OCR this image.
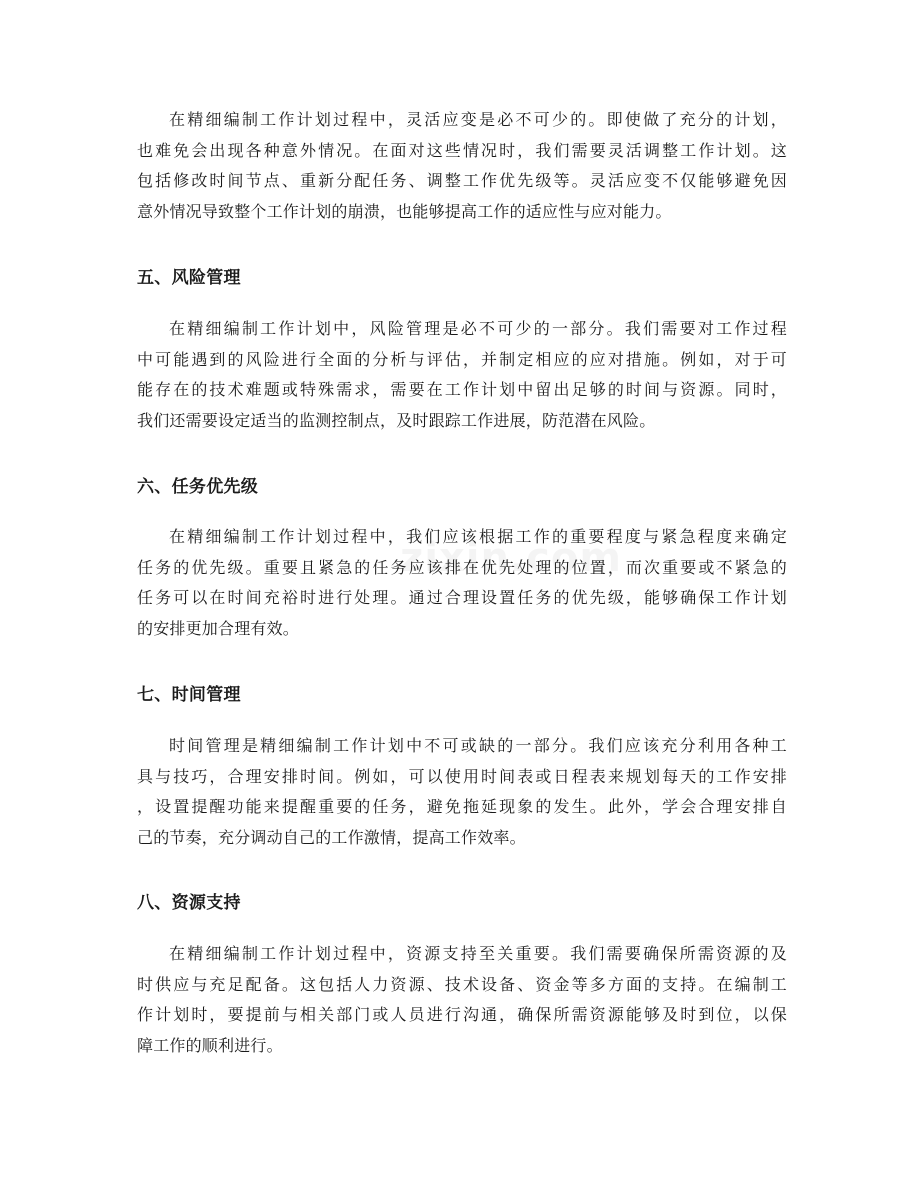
在精细编制工作计划过程中，灵活应变是必不可少的。即使做了充分的计划，
也难免会出现各种意外情况。在面对这些情况时，我们需要灵活调整工作计划。这
包括修改时间节点、重新分配任务、调整工作优先级等。灵活应变不仅能够避免因
意外情况导致整个工作计划的崩溃，也能够提高工作的适应性与应对能力。

五、风险管理

在精细编制工作计划中，风险管理是必不可少的一部分。我们需要对工作过程
中可能遇到的风险进行全面的分析与评估，并制定相应的应对措施。例如，对于可
能存在的技术难题或特殊需求，需要在工作计划中留出足够的时间与资源。同时，
我们还需要设定适当的监测控制点，及时跟踪工作进展，防范潜在风险。

六、任务优先级

在精细编制工作计划过程中，我们应该根据工作的重要程度与紧急程度来确定
任务的优先级。重要且紧急的任务应该排在优先处理的位置，而次重要或不紧急的
任务可以在时间充裕时进行处理。通过合理设置任务的优先级，能够确保工作计划
的安排更加合理有效。

七、时间管理

时间管理是精细编制工作计划中不可或缺的一部分。我们应该充分利用各种工
具与技巧，合理安排时间。例如，可以使用时间表或日程表来规划每天的工作安排
，设置提醒功能来提醒重要的任务，避免拖延现象的发生。此外，学会合理安排自
己的节奏，充分调动自己的工作激情，提高工作效率。

八、资源支持

在精细编制工作计划过程中，资源支持至关重要。我们需要确保所需资源的及
时供应与充足配备。这包括人力资源、技术设备、资金等多方面的支持。在编制工
作计划时，要提前与相关部门或人员进行沟通，确保所需资源能够及时到位，以保
障工作的顺利进行。
